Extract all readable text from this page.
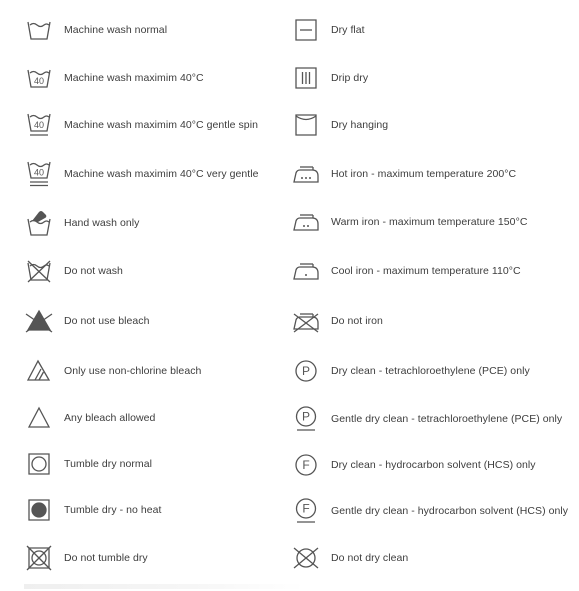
Machine wash normal
40 Machine wash maximim 40°C
40 Machine wash maximim 40°C gentle spin
40 Machine wash maximim 40°C very gentle
Hand wash only
Do not wash
Do not use bleach
Only use non-chlorine bleach
Any bleach allowed
Tumble dry normal
Tumble dry - no heat
Do not tumble dry
Dry flat
Drip dry
Dry hanging
Hot iron - maximum temperature 200°C
Warm iron - maximum temperature 150°C
Cool iron - maximum temperature 110°C
Do not iron
P Dry clean - tetrachloroethylene (PCE) only
P Gentle dry clean - tetrachloroethylene (PCE) only
F Dry clean - hydrocarbon solvent (HCS) only
F Gentle dry clean - hydrocarbon solvent (HCS) only
Do not dry clean
